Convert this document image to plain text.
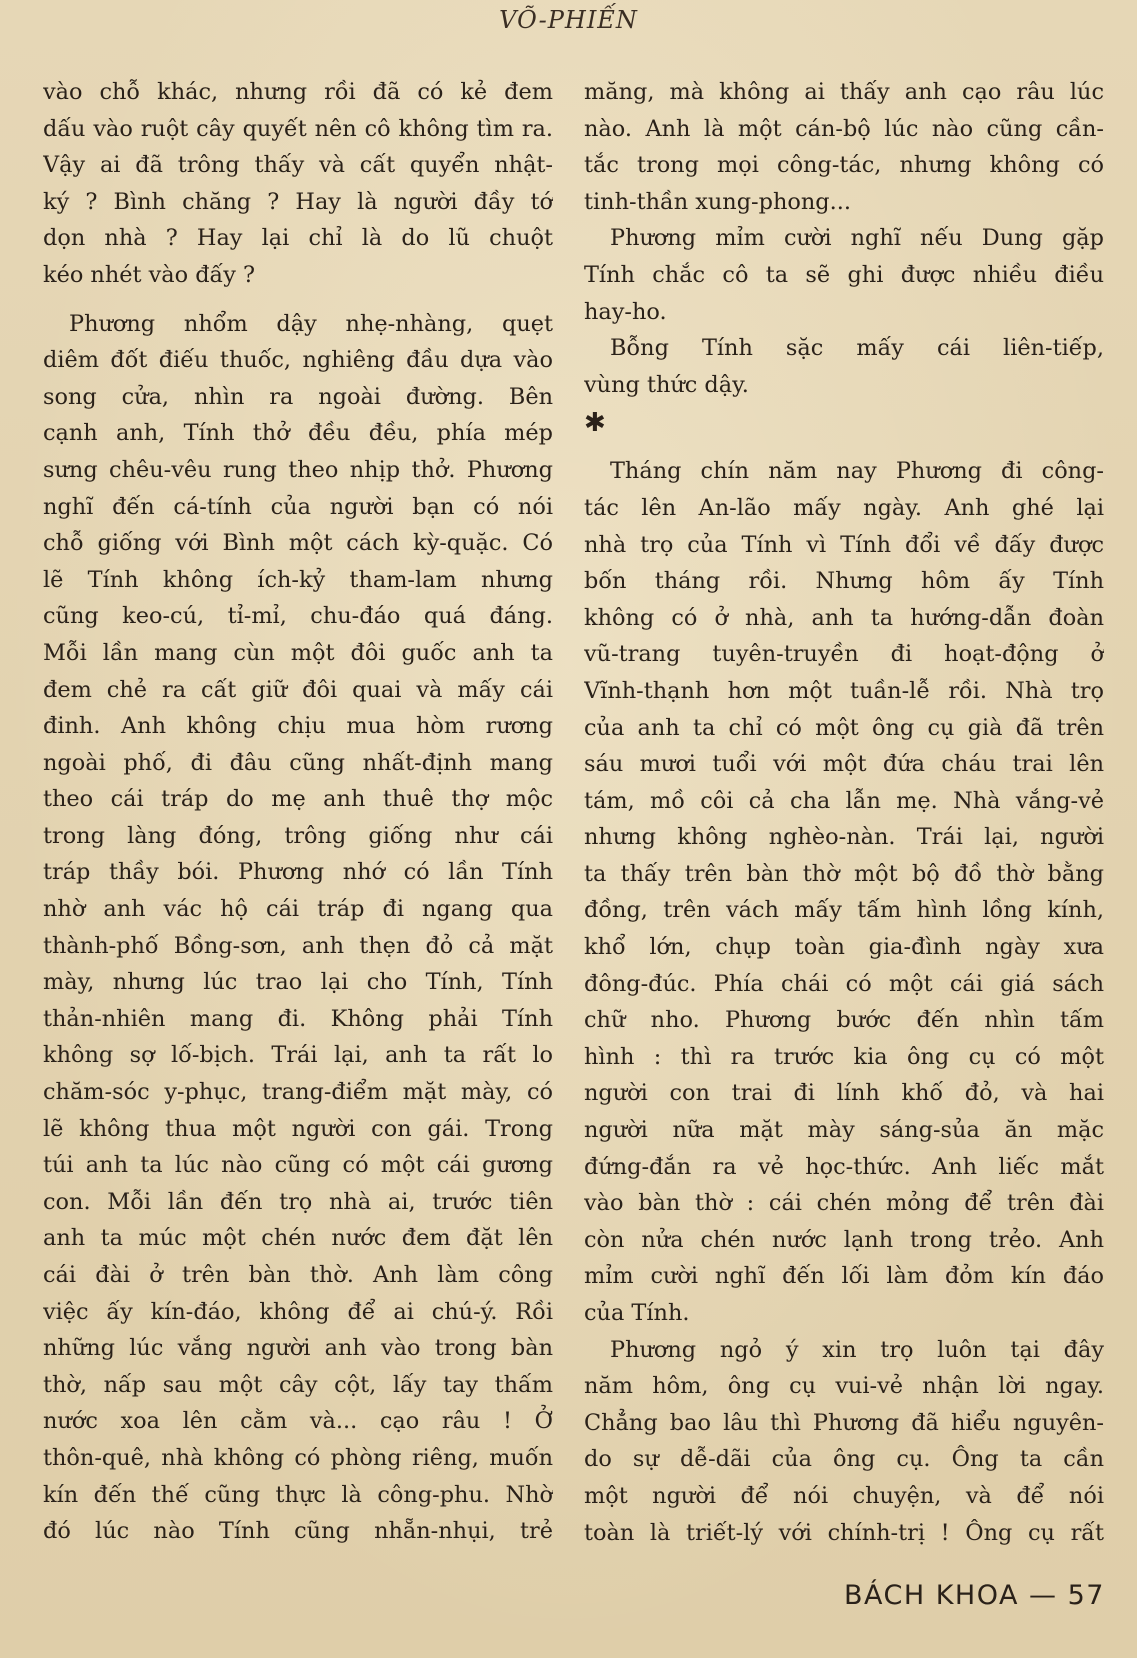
VÕ-PHIẾN
vào chỗ khác, nhưng rồi đã có kẻ đem
dấu vào ruột cây quyết nên cô không tìm ra.
Vậy ai đã trông thấy và cất quyển nhật-
ký ? Bình chăng ? Hay là người đầy tớ
dọn nhà ? Hay lại chỉ là do lũ chuột
kéo nhét vào đấy ?
Phương nhổm dậy nhẹ-nhàng, quẹt
diêm đốt điếu thuốc, nghiêng đầu dựa vào
song cửa, nhìn ra ngoài đường. Bên
cạnh anh, Tính thở đều đều, phía mép
sưng chêu-vêu rung theo nhịp thở. Phương
nghĩ đến cá-tính của người bạn có nói
chỗ giống với Bình một cách kỳ-quặc. Có
lẽ Tính không ích-kỷ tham-lam nhưng
cũng keo-cú, tỉ-mỉ, chu-đáo quá đáng.
Mỗi lần mang cùn một đôi guốc anh ta
đem chẻ ra cất giữ đôi quai và mấy cái
đinh. Anh không chịu mua hòm rương
ngoài phố, đi đâu cũng nhất-định mang
theo cái tráp do mẹ anh thuê thợ mộc
trong làng đóng, trông giống như cái
tráp thầy bói. Phương nhớ có lần Tính
nhờ anh vác hộ cái tráp đi ngang qua
thành-phố Bồng-sơn, anh thẹn đỏ cả mặt
mày, nhưng lúc trao lại cho Tính, Tính
thản-nhiên mang đi. Không phải Tính
không sợ lố-bịch. Trái lại, anh ta rất lo
chăm-sóc y-phục, trang-điểm mặt mày, có
lẽ không thua một người con gái. Trong
túi anh ta lúc nào cũng có một cái gương
con. Mỗi lần đến trọ nhà ai, trước tiên
anh ta múc một chén nước đem đặt lên
cái đài ở trên bàn thờ. Anh làm công
việc ấy kín-đáo, không để ai chú-ý. Rồi
những lúc vắng người anh vào trong bàn
thờ, nấp sau một cây cột, lấy tay thấm
nước xoa lên cằm và... cạo râu ! Ở
thôn-quê, nhà không có phòng riêng, muốn
kín đến thế cũng thực là công-phu. Nhờ
đó lúc nào Tính cũng nhẵn-nhụi, trẻ
măng, mà không ai thấy anh cạo râu lúc
nào. Anh là một cán-bộ lúc nào cũng cần-
tắc trong mọi công-tác, nhưng không có
tinh-thần xung-phong...
Phương mỉm cười nghĩ nếu Dung gặp
Tính chắc cô ta sẽ ghi được nhiều điều
hay-ho.
Bỗng Tính sặc mấy cái liên-tiếp,
vùng thức dậy.
✱
Tháng chín năm nay Phương đi công-
tác lên An-lão mấy ngày. Anh ghé lại
nhà trọ của Tính vì Tính đổi về đấy được
bốn tháng rồi. Nhưng hôm ấy Tính
không có ở nhà, anh ta hướng-dẫn đoàn
vũ-trang tuyên-truyền đi hoạt-động ở
Vĩnh-thạnh hơn một tuần-lễ rồi. Nhà trọ
của anh ta chỉ có một ông cụ già đã trên
sáu mươi tuổi với một đứa cháu trai lên
tám, mồ côi cả cha lẫn mẹ. Nhà vắng-vẻ
nhưng không nghèo-nàn. Trái lại, người
ta thấy trên bàn thờ một bộ đồ thờ bằng
đồng, trên vách mấy tấm hình lồng kính,
khổ lớn, chụp toàn gia-đình ngày xưa
đông-đúc. Phía chái có một cái giá sách
chữ nho. Phương bước đến nhìn tấm
hình : thì ra trước kia ông cụ có một
người con trai đi lính khố đỏ, và hai
người nữa mặt mày sáng-sủa ăn mặc
đứng-đắn ra vẻ học-thức. Anh liếc mắt
vào bàn thờ : cái chén mỏng để trên đài
còn nửa chén nước lạnh trong trẻo. Anh
mỉm cười nghĩ đến lối làm đỏm kín đáo
của Tính.
Phương ngỏ ý xin trọ luôn tại đây
năm hôm, ông cụ vui-vẻ nhận lời ngay.
Chẳng bao lâu thì Phương đã hiểu nguyên-
do sự dễ-dãi của ông cụ. Ông ta cần
một người để nói chuyện, và để nói
toàn là triết-lý với chính-trị ! Ông cụ rất
BÁCH KHOA — 57
